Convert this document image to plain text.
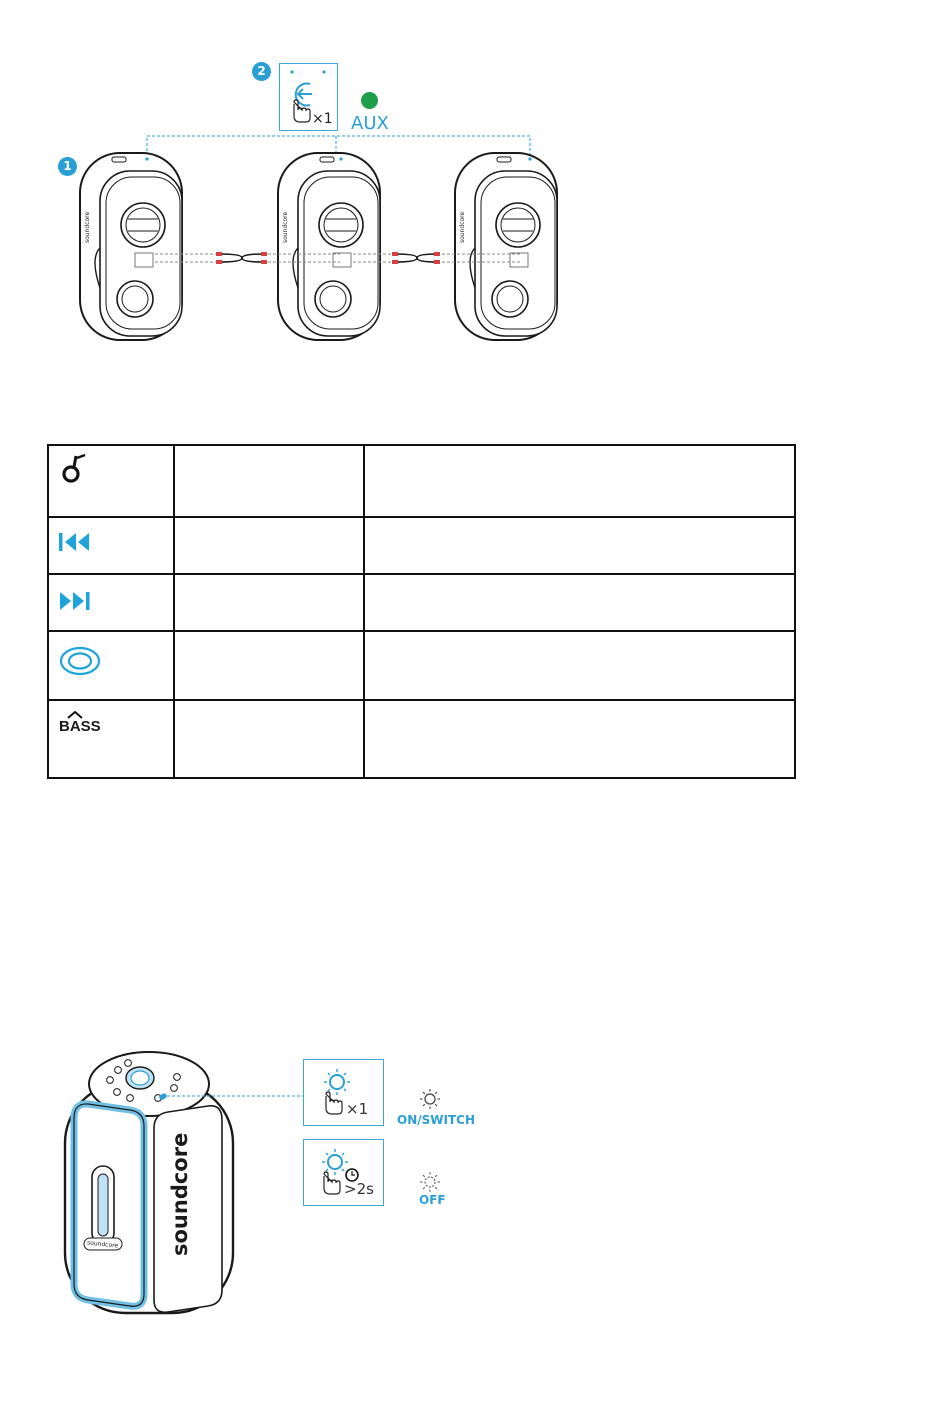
2
1
×1 AUX
soundcore	soundcore	soundcore

BASS		

soundcore
soundcore
×1
>2s
ON/SWITCH
OFF
